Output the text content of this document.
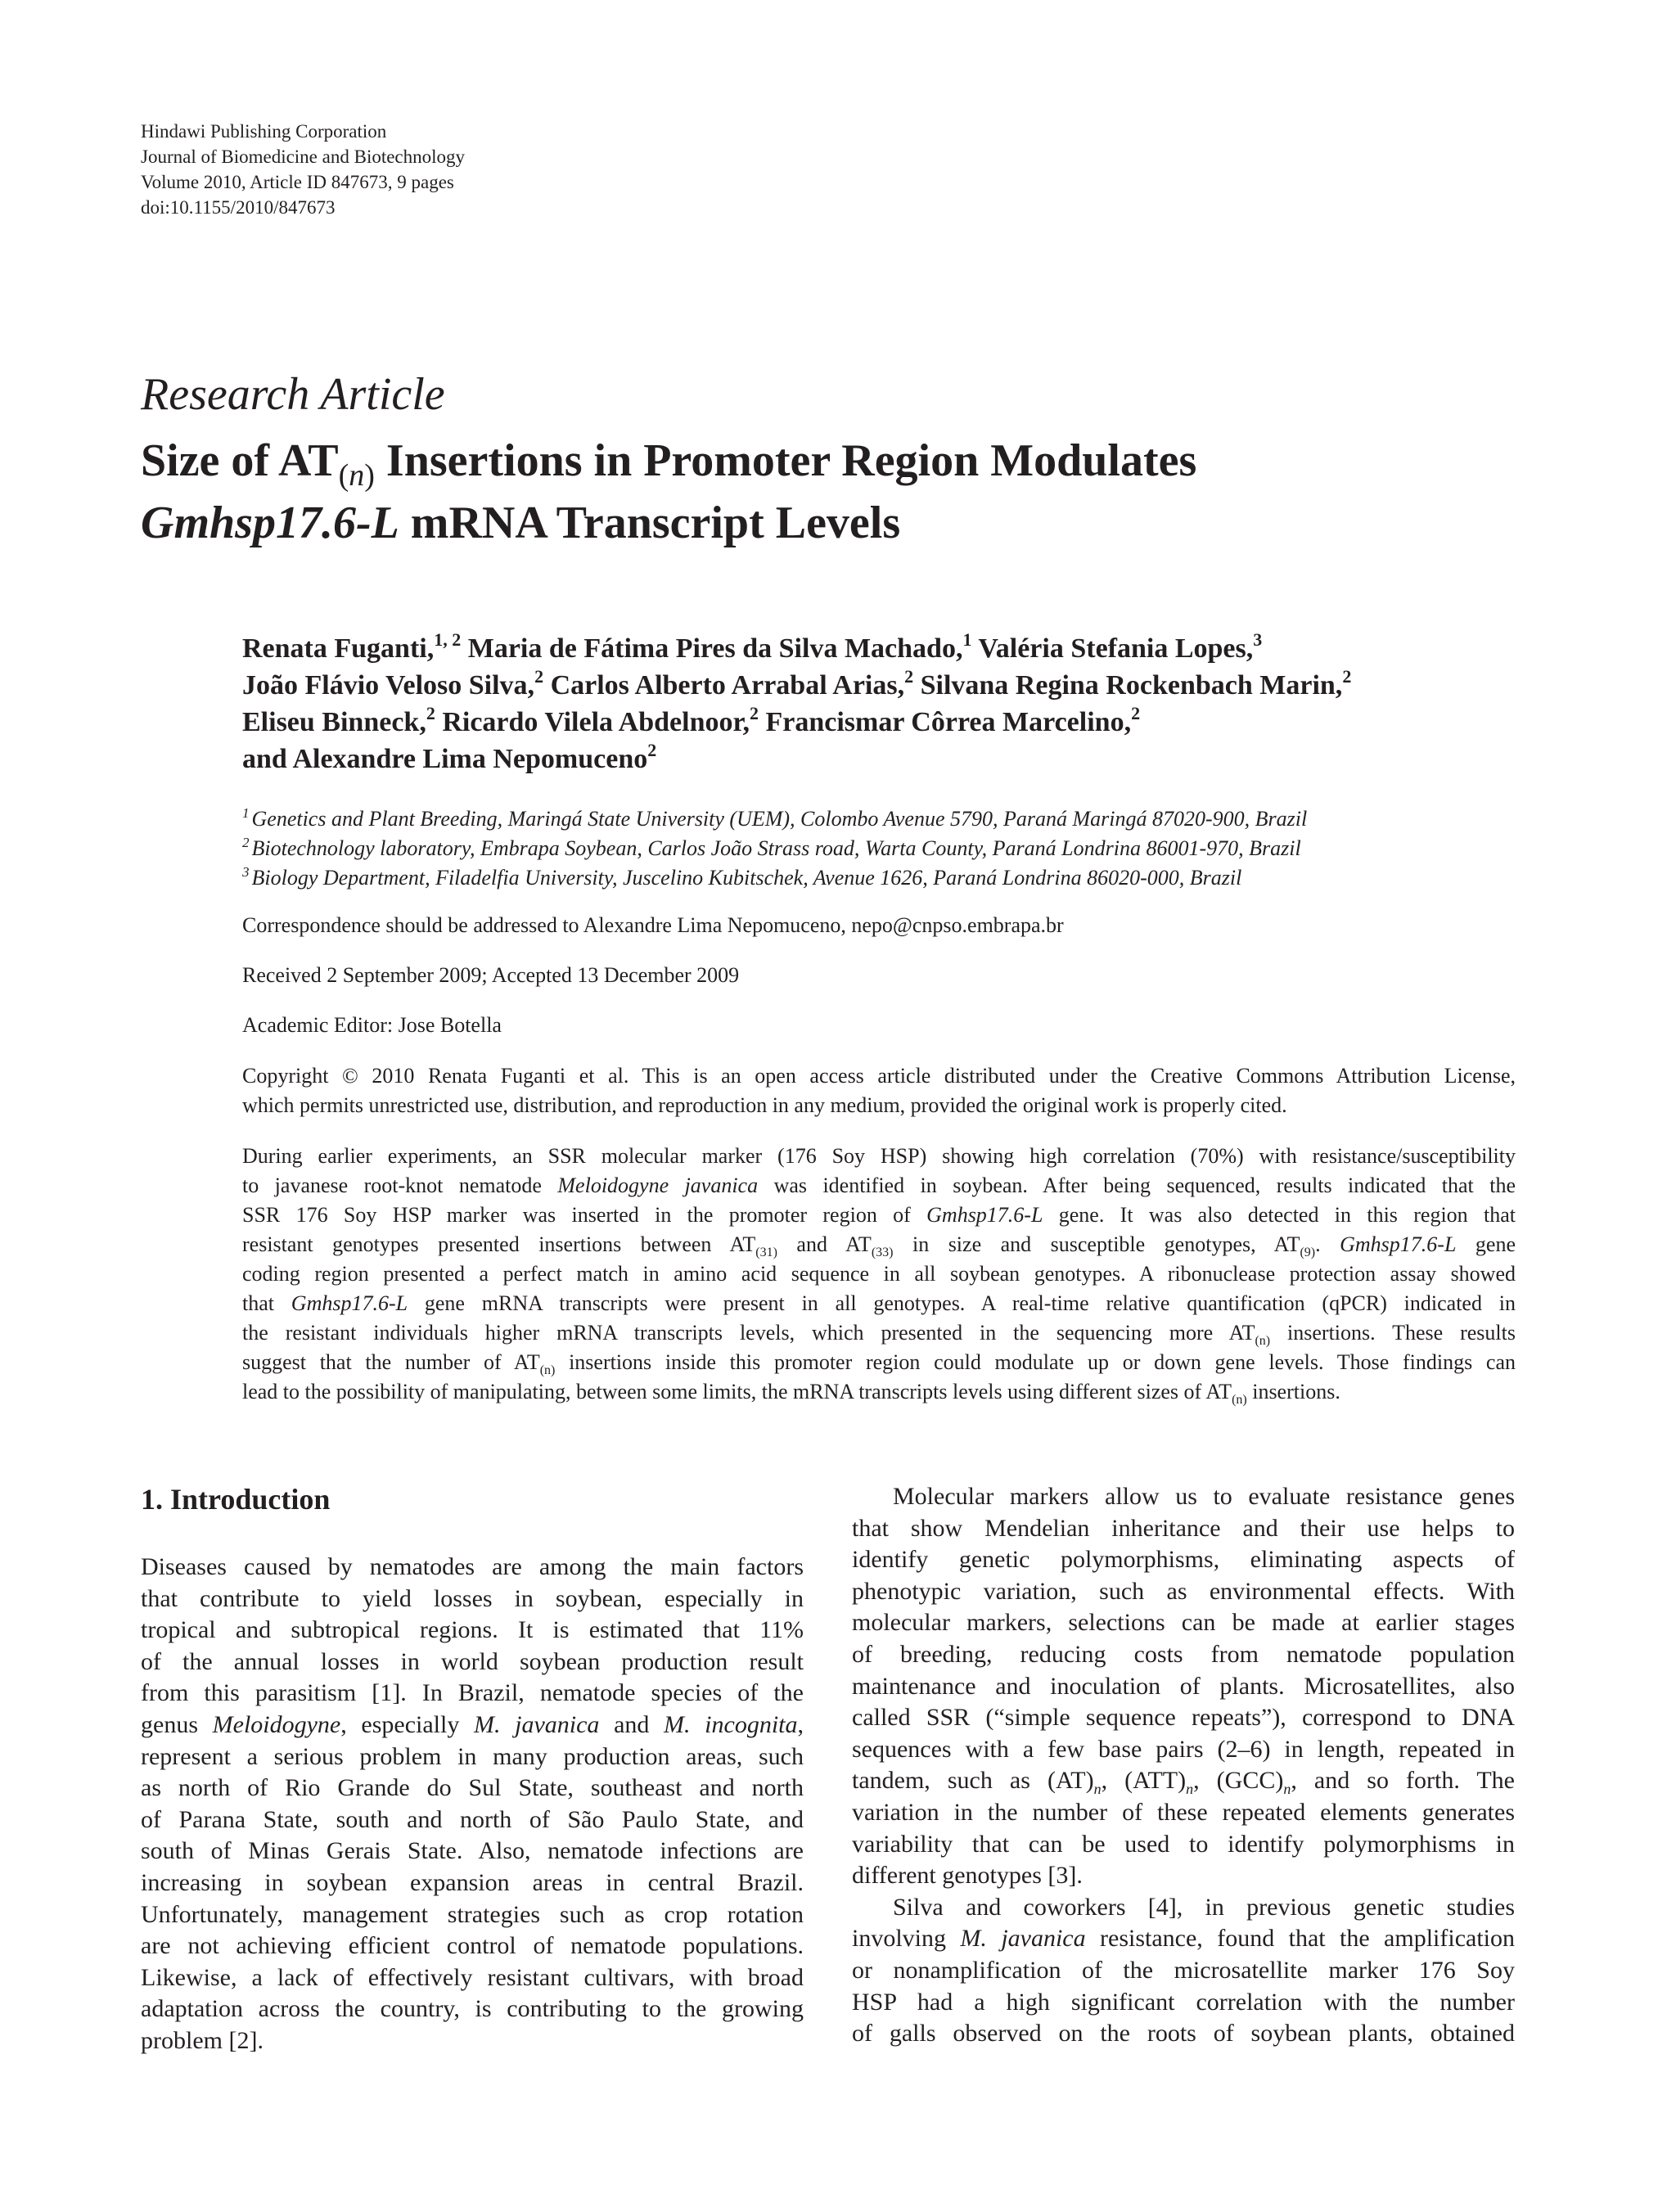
Hindawi Publishing Corporation
Journal of Biomedicine and Biotechnology
Volume 2010, Article ID 847673, 9 pages
doi:10.1155/2010/847673
Research Article
Size of $AT_{(n)}$ Insertions in Promoter Region Modulates
Gmhsp17.6-L mRNA Transcript Levels
Renata Fuganti,$^{1, 2}$ Maria de Fátima Pires da Silva Machado,$^1$ Valéria Stefania Lopes,$^3$
João Flávio Veloso Silva,$^2$ Carlos Alberto Arrabal Arias,$^2$ Silvana Regina Rockenbach Marin,$^2$
Eliseu Binneck,$^2$ Ricardo Vilela Abdelnoor,$^2$ Francismar Côrrea Marcelino,$^2$
and Alexandre Lima Nepomuceno$^2$
$^1$ Genetics and Plant Breeding, Maringá State University (UEM), Colombo Avenue 5790, Paraná Maringá 87020-900, Brazil
$^2$ Biotechnology laboratory, Embrapa Soybean, Carlos João Strass road, Warta County, Paraná Londrina 86001-970, Brazil
$^3$ Biology Department, Filadelfia University, Juscelino Kubitschek, Avenue 1626, Paraná Londrina 86020-000, Brazil
Correspondence should be addressed to Alexandre Lima Nepomuceno, nepo@cnpso.embrapa.br
Received 2 September 2009; Accepted 13 December 2009
Academic Editor: Jose Botella
Copyright © 2010 Renata Fuganti et al. This is an open access article distributed under the Creative Commons Attribution License,
which permits unrestricted use, distribution, and reproduction in any medium, provided the original work is properly cited.
During earlier experiments, an SSR molecular marker (176 Soy HSP) showing high correlation (70%) with resistance/susceptibility
to javanese root-knot nematode Meloidogyne javanica was identified in soybean. After being sequenced, results indicated that the
SSR 176 Soy HSP marker was inserted in the promoter region of Gmhsp17.6-L gene. It was also detected in this region that
resistant genotypes presented insertions between $AT_{(31)}$ and $AT_{(33)}$ in size and susceptible genotypes, $AT_{(9)}$. Gmhsp17.6-L gene
coding region presented a perfect match in amino acid sequence in all soybean genotypes. A ribonuclease protection assay showed
that Gmhsp17.6-L gene mRNA transcripts were present in all genotypes. A real-time relative quantification (qPCR) indicated in
the resistant individuals higher mRNA transcripts levels, which presented in the sequencing more $AT_{(n)}$ insertions. These results
suggest that the number of $AT_{(n)}$ insertions inside this promoter region could modulate up or down gene levels. Those findings can
lead to the possibility of manipulating, between some limits, the mRNA transcripts levels using different sizes of $AT_{(n)}$ insertions.
1. Introduction
Diseases caused by nematodes are among the main factors
that contribute to yield losses in soybean, especially in
tropical and subtropical regions. It is estimated that 11%
of the annual losses in world soybean production result
from this parasitism [1]. In Brazil, nematode species of the
genus Meloidogyne, especially M. javanica and M. incognita,
represent a serious problem in many production areas, such
as north of Rio Grande do Sul State, southeast and north
of Parana State, south and north of São Paulo State, and
south of Minas Gerais State. Also, nematode infections are
increasing in soybean expansion areas in central Brazil.
Unfortunately, management strategies such as crop rotation
are not achieving efficient control of nematode populations.
Likewise, a lack of effectively resistant cultivars, with broad
adaptation across the country, is contributing to the growing
problem [2].
Molecular markers allow us to evaluate resistance genes
that show Mendelian inheritance and their use helps to
identify genetic polymorphisms, eliminating aspects of
phenotypic variation, such as environmental effects. With
molecular markers, selections can be made at earlier stages
of breeding, reducing costs from nematode population
maintenance and inoculation of plants. Microsatellites, also
called SSR (“simple sequence repeats”), correspond to DNA
sequences with a few base pairs (2–6) in length, repeated in
tandem, such as $(AT)_n$, $(ATT)_n$, $(GCC)_n$, and so forth. The
variation in the number of these repeated elements generates
variability that can be used to identify polymorphisms in
different genotypes [3].
Silva and coworkers [4], in previous genetic studies
involving M. javanica resistance, found that the amplification
or nonamplification of the microsatellite marker 176 Soy
HSP had a high significant correlation with the number
of galls observed on the roots of soybean plants, obtained
